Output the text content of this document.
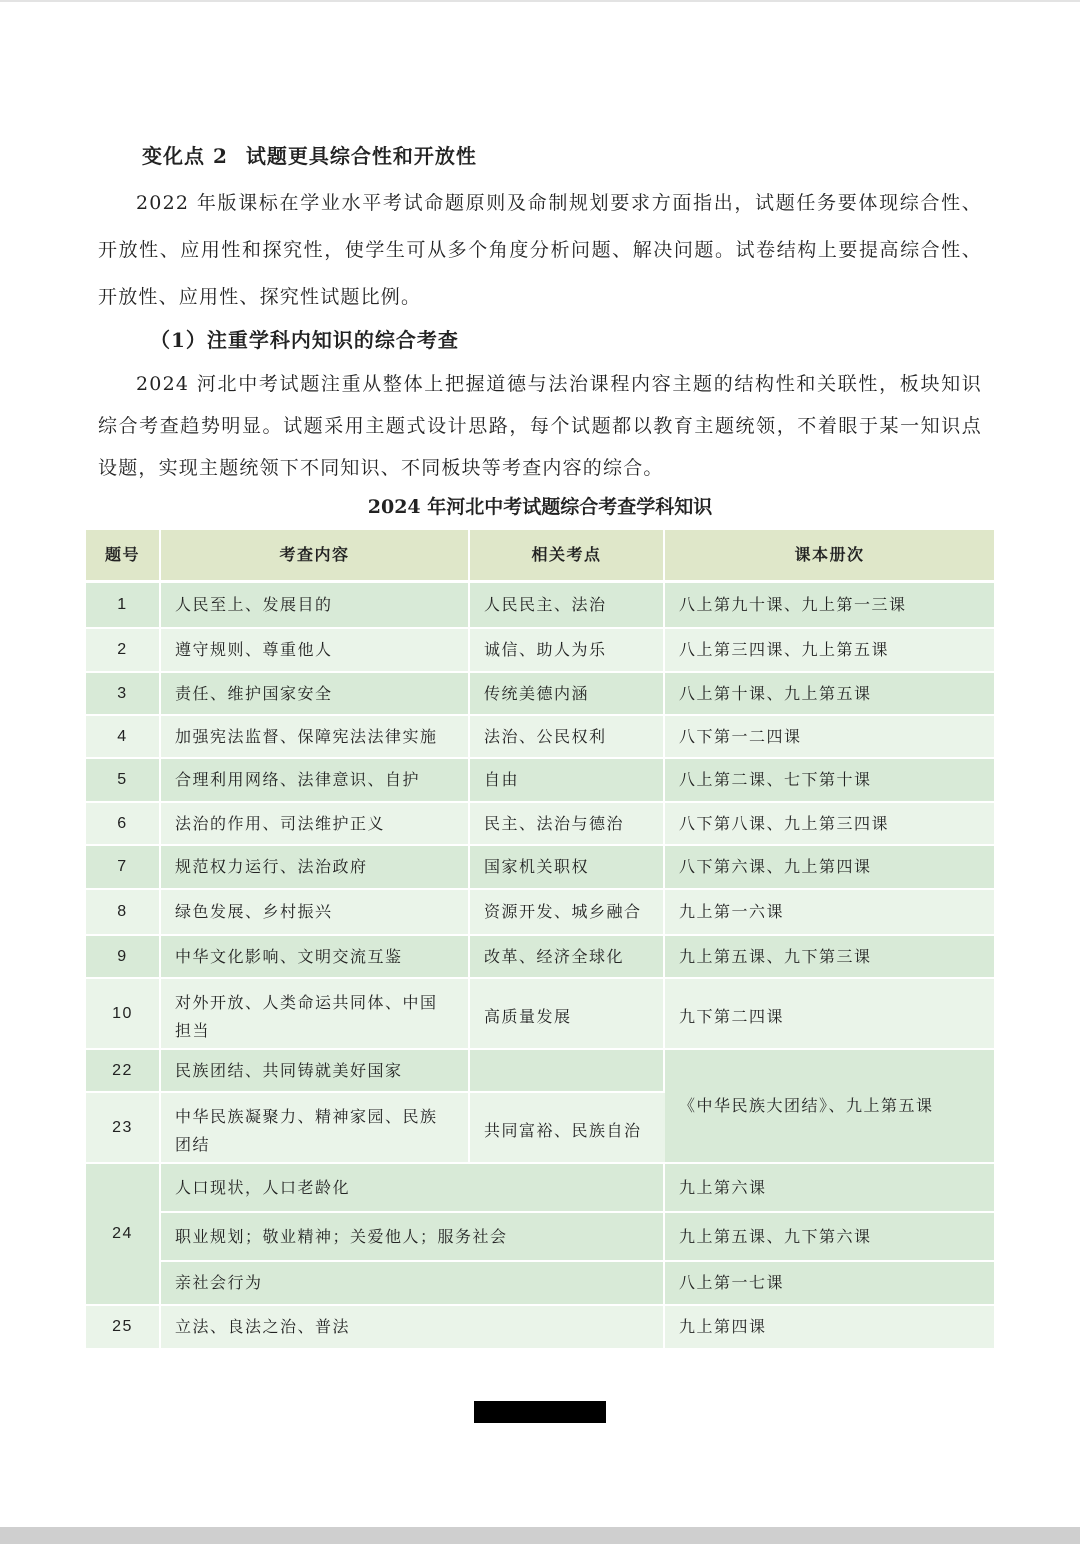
变化点 2 试题更具综合性和开放性

2022 年版课标在学业水平考试命题原则及命制规划要求方面指出，试题任务要体现综合性、开放性、应用性和探究性，使学生可从多个角度分析问题、解决问题。试卷结构上要提高综合性、开放性、应用性、探究性试题比例。

（1）注重学科内知识的综合考查

2024 河北中考试题注重从整体上把握道德与法治课程内容主题的结构性和关联性，板块知识综合考查趋势明显。试题采用主题式设计思路，每个试题都以教育主题统领，不着眼于某一知识点设题，实现主题统领下不同知识、不同板块等考查内容的综合。

2024 年河北中考试题综合考查学科知识
题号	考查内容	相关考点	课本册次
1	人民至上、发展目的	人民民主、法治	八上第九十课、九上第一三课
2	遵守规则、尊重他人	诚信、助人为乐	八上第三四课、九上第五课
3	责任、维护国家安全	传统美德内涵	八上第十课、九上第五课
4	加强宪法监督、保障宪法法律实施	法治、公民权利	八下第一二四课
5	合理利用网络、法律意识、自护	自由	八上第二课、七下第十课
6	法治的作用、司法维护正义	民主、法治与德治	八下第八课、九上第三四课
7	规范权力运行、法治政府	国家机关职权	八下第六课、九上第四课
8	绿色发展、乡村振兴	资源开发、城乡融合	九上第一六课
9	中华文化影响、文明交流互鉴	改革、经济全球化	九上第五课、九下第三课
10	对外开放、人类命运共同体、中国担当	高质量发展	九下第二四课
22	民族团结、共同铸就美好国家		《中华民族大团结》、九上第五课
23	中华民族凝聚力、精神家园、民族团结	共同富裕、民族自治	
24	人口现状，人口老龄化		九上第六课
	职业规划；敬业精神；关爱他人；服务社会		九上第五课、九下第六课
	亲社会行为		八上第一七课
25	立法、良法之治、普法		九上第四课
